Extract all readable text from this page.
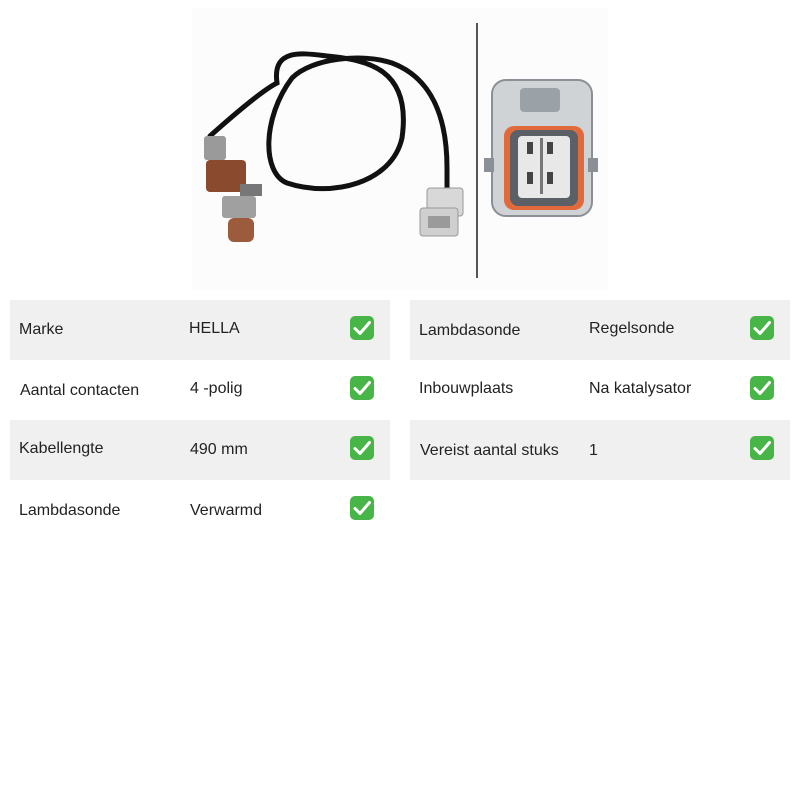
Marke	HELLA
Aantal contacten	4 -polig
Kabellengte	490 mm
Lambdasonde	Verwarmd
Lambdasonde	Regelsonde
Inbouwplaats	Na katalysator
Vereist aantal stuks 1
